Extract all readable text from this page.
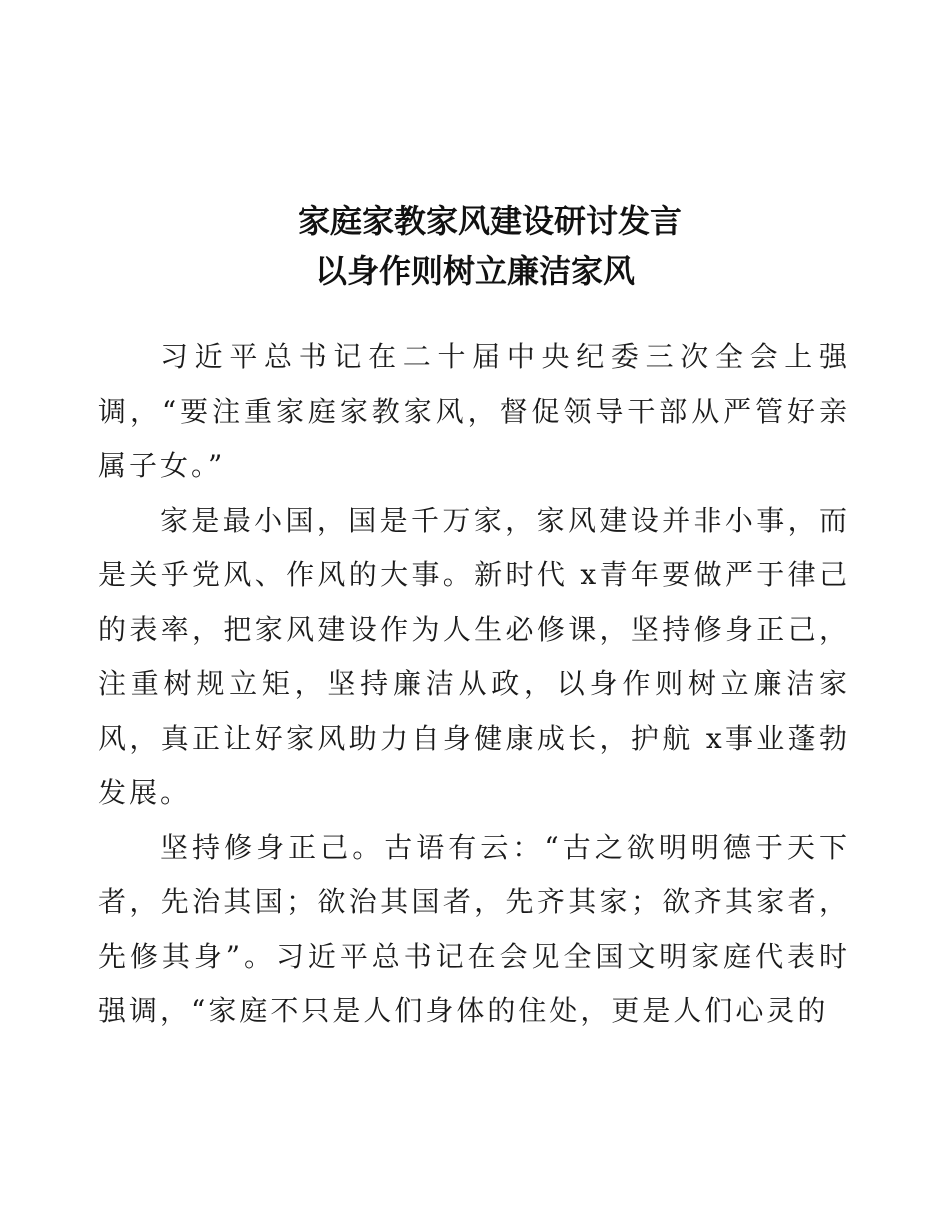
家庭家教家风建设研讨发言
以身作则树立廉洁家风

习近平总书记在二十届中央纪委三次全会上强调，“要注重家庭家教家风，督促领导干部从严管好亲属子女。”

家是最小国，国是千万家，家风建设并非小事，而是关乎党风、作风的大事。新时代 x青年要做严于律己的表率，把家风建设作为人生必修课，坚持修身正己，注重树规立矩，坚持廉洁从政，以身作则树立廉洁家风，真正让好家风助力自身健康成长，护航 x事业蓬勃发展。

坚持修身正己。古语有云：“古之欲明明德于天下者，先治其国；欲治其国者，先齐其家；欲齐其家者，先修其身”。习近平总书记在会见全国文明家庭代表时强调，“家庭不只是人们身体的住处，更是人们心灵的
